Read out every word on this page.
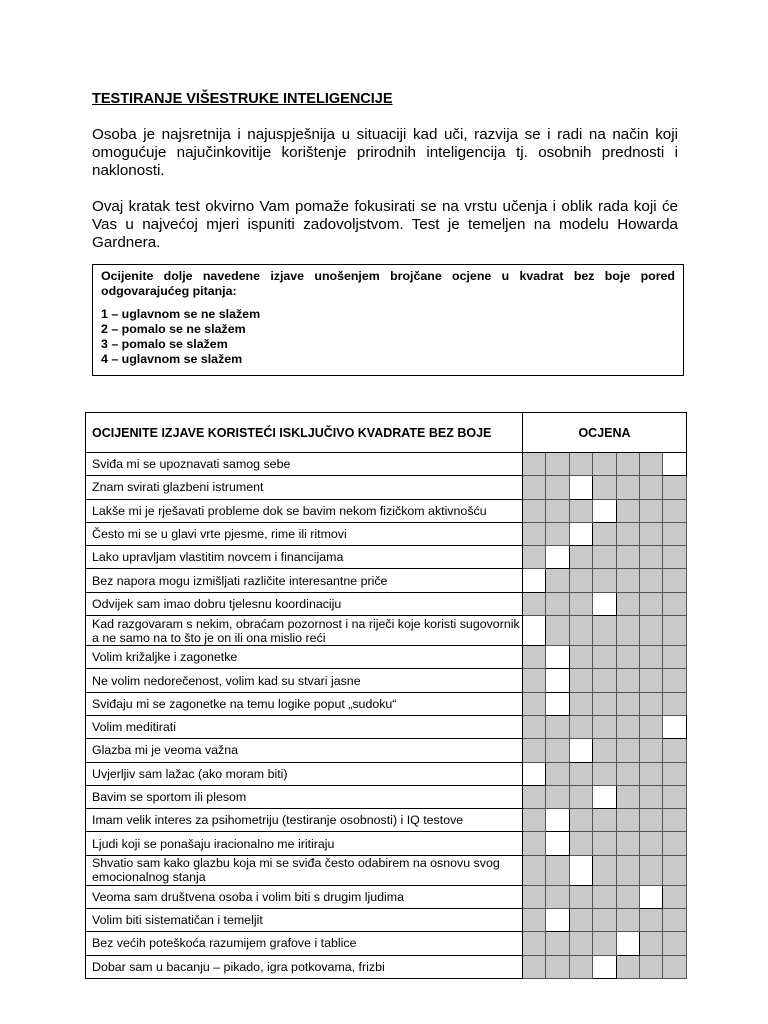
TESTIRANJE VIŠESTRUKE INTELIGENCIJE
Osoba je najsretnija i najuspješnija u situaciji kad uči, razvija se i radi na način koji omogućuje najučinkovitije korištenje prirodnih inteligencija tj. osobnih prednosti i naklonosti.
Ovaj kratak test okvirno Vam pomaže fokusirati se na vrstu učenja i oblik rada koji će Vas u najvećoj mjeri ispuniti zadovoljstvom. Test je temeljen na modelu Howarda Gardnera.
Ocijenite dolje navedene izjave unošenjem brojčane ocjene u kvadrat bez boje pored odgovarajućeg pitanja:
1 – uglavnom se ne slažem
2 – pomalo se ne slažem
3 – pomalo se slažem
4 – uglavnom se slažem
OCIJENITE IZJAVE KORISTEĆI ISKLJUČIVO KVADRATE BEZ BOJE	OCJENA						
Sviđa mi se upoznavati samog sebe							
Znam svirati glazbeni istrument							
Lakše mi je rješavati probleme dok se bavim nekom fizičkom aktivnošću							
Često mi se u glavi vrte pjesme, rime ili ritmovi							
Lako upravljam vlastitim novcem i financijama							
Bez napora mogu izmišljati različite interesantne priče							
Odvijek sam imao dobru tjelesnu koordinaciju							
Kad razgovaram s nekim, obraćam pozornost i na riječi koje koristi sugovornik a ne samo na to što je on ili ona mislio reći							
Volim križaljke i zagonetke							
Ne volim nedorečenost, volim kad su stvari jasne							
Sviđaju mi se zagonetke na temu logike poput „sudoku“							
Volim meditirati							
Glazba mi je veoma važna							
Uvjerljiv sam lažac (ako moram biti)							
Bavim se sportom ili plesom							
Imam velik interes za psihometriju (testiranje osobnosti) i IQ testove							
Ljudi koji se ponašaju iracionalno me iritiraju							
Shvatio sam kako glazbu koja mi se sviđa često odabirem na osnovu svog emocionalnog stanja							
Veoma sam društvena osoba i volim biti s drugim ljudima							
Volim biti sistematičan i temeljit							
Bez većih poteškoća razumijem grafove i tablice							
Dobar sam u bacanju – pikado, igra potkovama, frizbi							
